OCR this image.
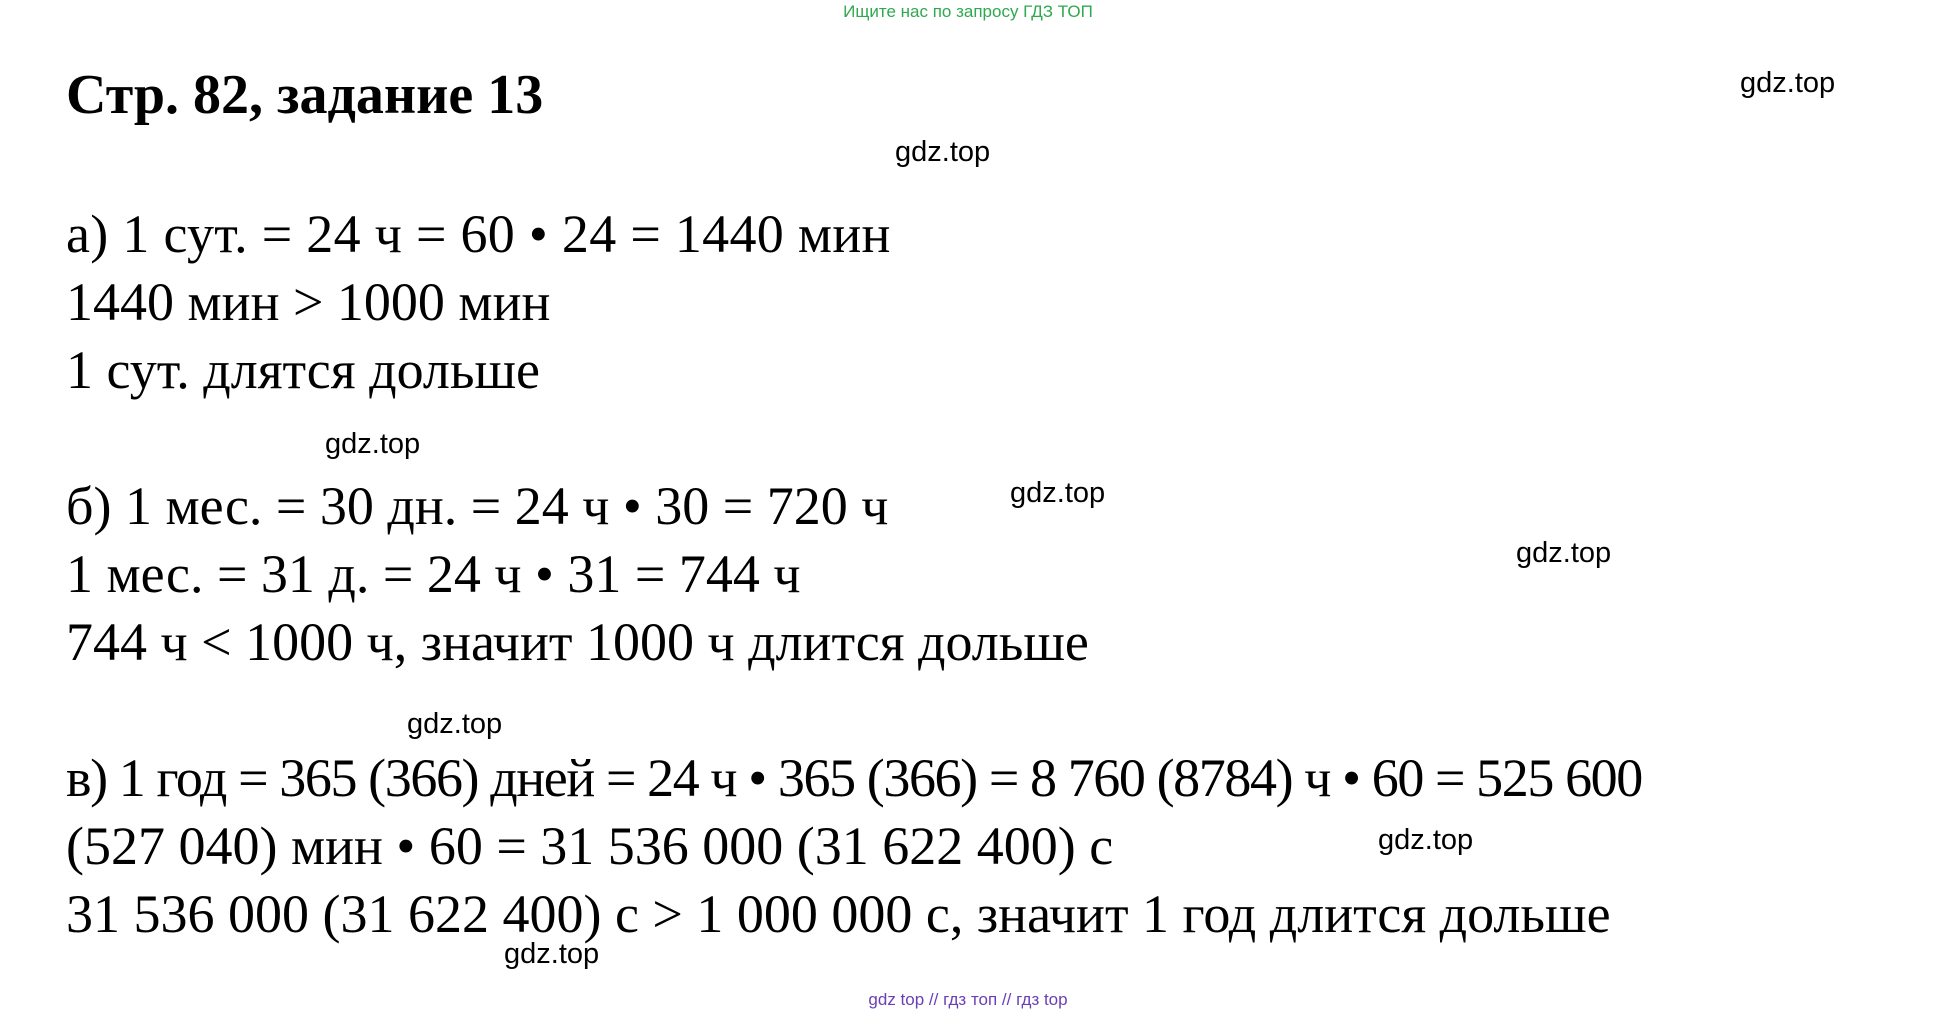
Ищите нас по запросу ГДЗ ТОП
Стр. 82, задание 13	gdz.top
gdz.top
а) 1 сут. = 24 ч = 60 • 24 = 1440 мин
1440 мин > 1000 мин
1 сут. длятся дольше
gdz.top
б) 1 мес. = 30 дн. = 24 ч • 30 = 720 ч
1 мес. = 31 д. = 24 ч • 31 = 744 ч
744 ч < 1000 ч, значит 1000 ч длится дольше
gdz.top
gdz.top
gdz.top
в) 1 год = 365 (366) дней = 24 ч • 365 (366) = 8 760 (8784) ч • 60 = 525 600
(527 040) мин • 60 = 31 536 000 (31 622 400) с
31 536 000 (31 622 400) с > 1 000 000 с, значит 1 год длится дольше
gdz.top
gdz.top
gdz top // гдз топ // гдз top
